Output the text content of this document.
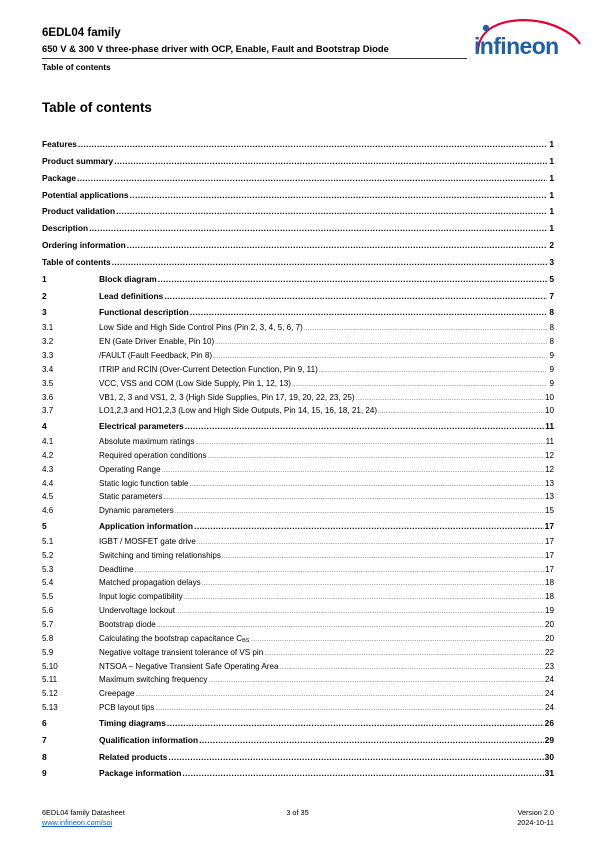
6EDL04 family
650 V & 300 V three-phase driver with OCP, Enable, Fault and Bootstrap Diode
Table of contents
infineon
Table of contents
Features .....	1
Product summary .....	1
Package .....	1
Potential applications .....	1
Product validation .....	1
Description .....	1
Ordering information .....	2
Table of contents .....	3
1	Block diagram .....	5
2	Lead definitions .....	7
3	Functional description .....	8
3.1	Low Side and High Side Control Pins (Pin 2, 3, 4, 5, 6, 7) .....	8
3.2	EN (Gate Driver Enable, Pin 10) .....	8
3.3	/FAULT (Fault Feedback, Pin 8) .....	9
3.4	ITRIP and RCIN (Over-Current Detection Function, Pin 9, 11) .....	9
3.5	VCC, VSS and COM (Low Side Supply, Pin 1, 12, 13) .....	9
3.6	VB1, 2, 3 and VS1, 2, 3 (High Side Supplies, Pin 17, 19, 20, 22, 23, 25) .....	10
3.7	LO1,2,3 and HO1,2,3 (Low and High Side Outputs, Pin 14, 15, 16, 18, 21, 24) .....	10
4	Electrical parameters .....	11
4.1	Absolute maximum ratings .....	11
4.2	Required operation conditions .....	12
4.3	Operating Range .....	12
4.4	Static logic function table .....	13
4.5	Static parameters .....	13
4.6	Dynamic parameters .....	15
5	Application information .....	17
5.1	IGBT / MOSFET gate drive .....	17
5.2	Switching and timing relationships .....	17
5.3	Deadtime .....	17
5.4	Matched propagation delays .....	18
5.5	Input logic compatibility .....	18
5.6	Undervoltage lockout .....	19
5.7	Bootstrap diode .....	20
5.8	Calculating the bootstrap capacitance $C_{BS}$ .....	20
5.9	Negative voltage transient tolerance of VS pin .....	22
5.10	NTSOA – Negative Transient Safe Operating Area .....	23
5.11	Maximum switching frequency .....	24
5.12	Creepage .....	24
5.13	PCB layout tips .....	24
6	Timing diagrams .....	26
7	Qualification information .....	29
8	Related products .....	30
9	Package information .....	31
6EDL04 family Datasheet
www.infineon.com/soi
3 of 35	Version 2.0
2024-10-11
